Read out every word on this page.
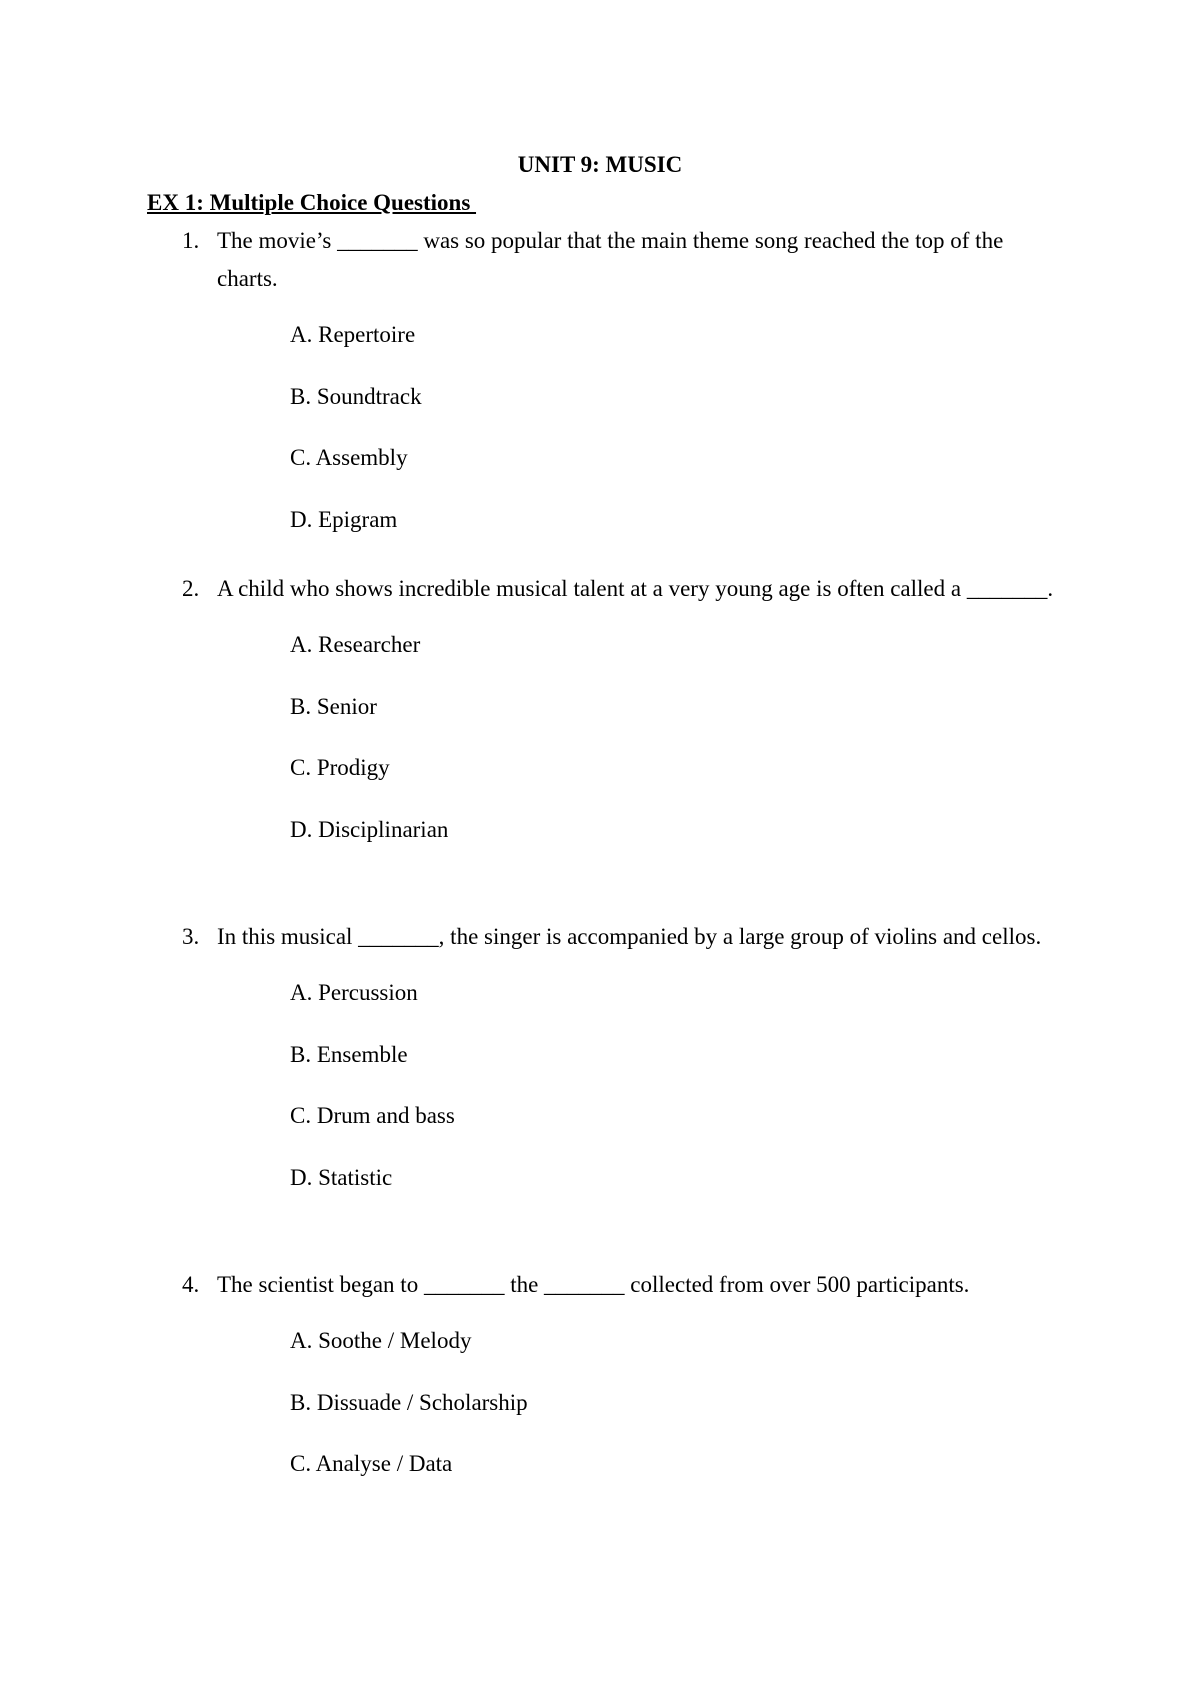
UNIT 9: MUSIC
EX 1: Multiple Choice Questions
1. The movie’s _______ was so popular that the main theme song reached the top of the charts.
A. Repertoire
B. Soundtrack
C. Assembly
D. Epigram
2. A child who shows incredible musical talent at a very young age is often called a _______.
A. Researcher
B. Senior
C. Prodigy
D. Disciplinarian
3. In this musical _______, the singer is accompanied by a large group of violins and cellos.
A. Percussion
B. Ensemble
C. Drum and bass
D. Statistic
4. The scientist began to _______ the _______ collected from over 500 participants.
A. Soothe / Melody
B. Dissuade / Scholarship
C. Analyse / Data
